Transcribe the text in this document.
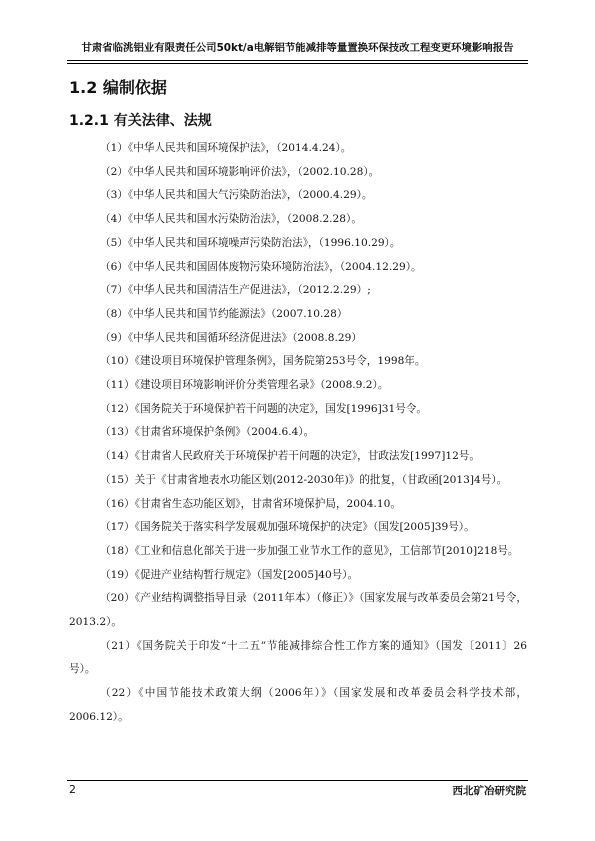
甘肃省临洮铝业有限责任公司50kt/a电解铝节能减排等量置换环保技改工程变更环境影响报告
1.2 编制依据
1.2.1 有关法律、法规

（1）《中华人民共和国环境保护法》，（2014.4.24）。

（2）《中华人民共和国环境影响评价法》，（2002.10.28）。

（3）《中华人民共和国大气污染防治法》，（2000.4.29）。

（4）《中华人民共和国水污染防治法》，（2008.2.28）。

（5）《中华人民共和国环境噪声污染防治法》，（1996.10.29）。

（6）《中华人民共和国固体废物污染环境防治法》，（2004.12.29）。

（7）《中华人民共和国清洁生产促进法》，（2012.2.29）;

（8）《中华人民共和国节约能源法》（2007.10.28）

（9）《中华人民共和国循环经济促进法》（2008.8.29）

（10）《建设项目环境保护管理条例》，国务院第253号令，1998年。

（11）《建设项目环境影响评价分类管理名录》（2008.9.2）。

（12）《国务院关于环境保护若干问题的决定》，国发[1996]31号令。

（13）《甘肃省环境保护条例》（2004.6.4）。

（14）《甘肃省人民政府关于环境保护若干问题的决定》，甘政法发[1997]12号。

（15）关于《甘肃省地表水功能区划(2012-2030年)》的批复，（甘政函[2013]4号）。

（16）《甘肃省生态功能区划》，甘肃省环境保护局，2004.10。

（17）《国务院关于落实科学发展观加强环境保护的决定》（国发[2005]39号）。

（18）《工业和信息化部关于进一步加强工业节水工作的意见》，工信部节[2010]218号。

（19）《促进产业结构暂行规定》（国发[2005]40号）。

（20）《产业结构调整指导目录（2011年本）（修正）》（国家发展与改革委员会第21号令，2013.2）。

（21）《国务院关于印发“十二五”节能减排综合性工作方案的通知》（国发〔2011〕26号）。

（22）《中国节能技术政策大纲（2006年）》（国家发展和改革委员会科学技术部，2006.12）。

2	西北矿冶研究院
